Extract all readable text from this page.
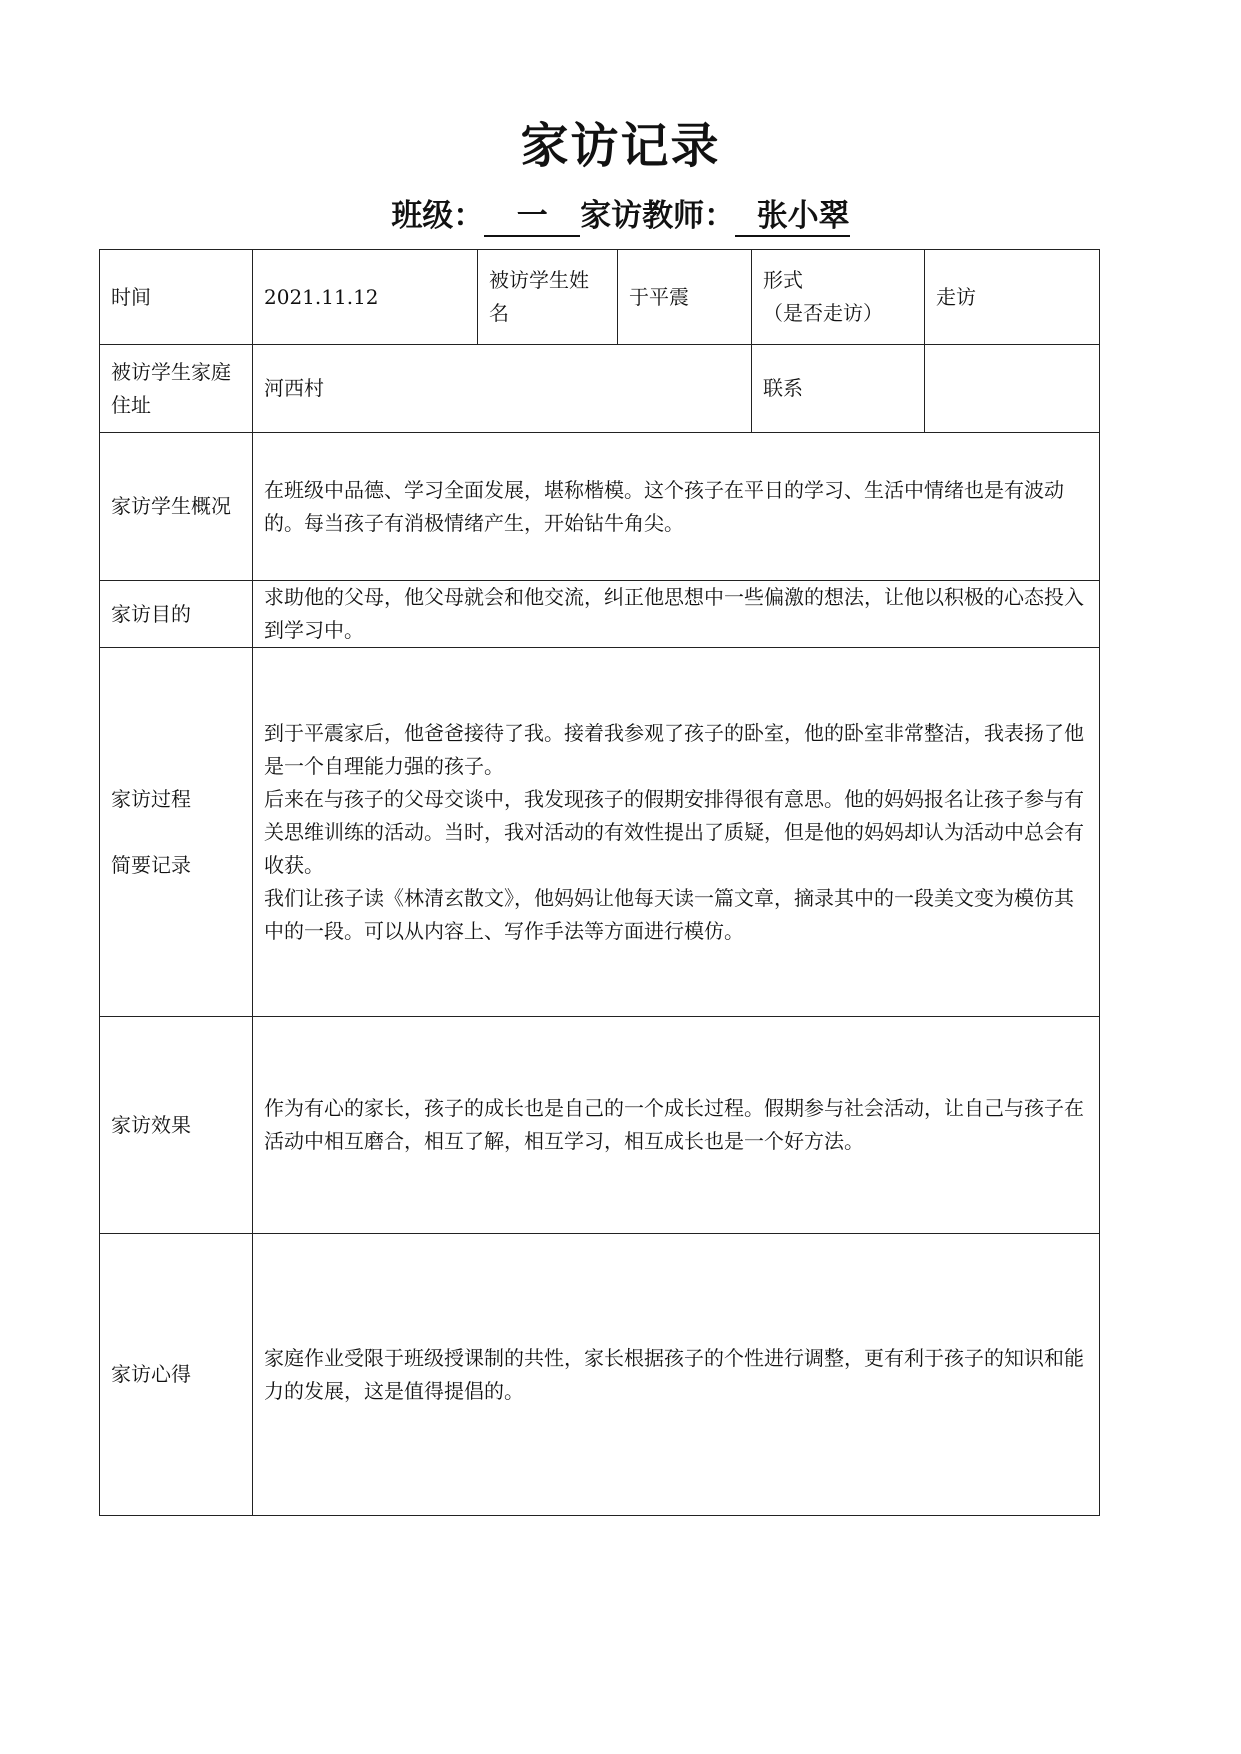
家访记录
班级： 一 家访教师： 张小翠
时间	2021.11.12	被访学生姓名	于平震	形式
（是否走访）	走访
被访学生家庭住址	河西村			联系	
家访学生概况	在班级中品德、学习全面发展，堪称楷模。这个孩子在平日的学习、生活中情绪也是有波动的。每当孩子有消极情绪产生，开始钻牛角尖。				
家访目的	求助他的父母，他父母就会和他交流，纠正他思想中一些偏激的想法，让他以积极的心态投入到学习中。				

家访过程
简要记录	到于平震家后，他爸爸接待了我。接着我参观了孩子的卧室，他的卧室非常整洁，我表扬了他是一个自理能力强的孩子。
后来在与孩子的父母交谈中，我发现孩子的假期安排得很有意思。他的妈妈报名让孩子参与有关思维训练的活动。当时，我对活动的有效性提出了质疑，但是他的妈妈却认为活动中总会有收获。
我们让孩子读《林清玄散文》，他妈妈让他每天读一篇文章，摘录其中的一段美文变为模仿其中的一段。可以从内容上、写作手法等方面进行模仿。				

家访效果	作为有心的家长，孩子的成长也是自己的一个成长过程。假期参与社会活动，让自己与孩子在活动中相互磨合，相互了解，相互学习，相互成长也是一个好方法。				
家访心得	家庭作业受限于班级授课制的共性，家长根据孩子的个性进行调整，更有利于孩子的知识和能力的发展，这是值得提倡的。				
